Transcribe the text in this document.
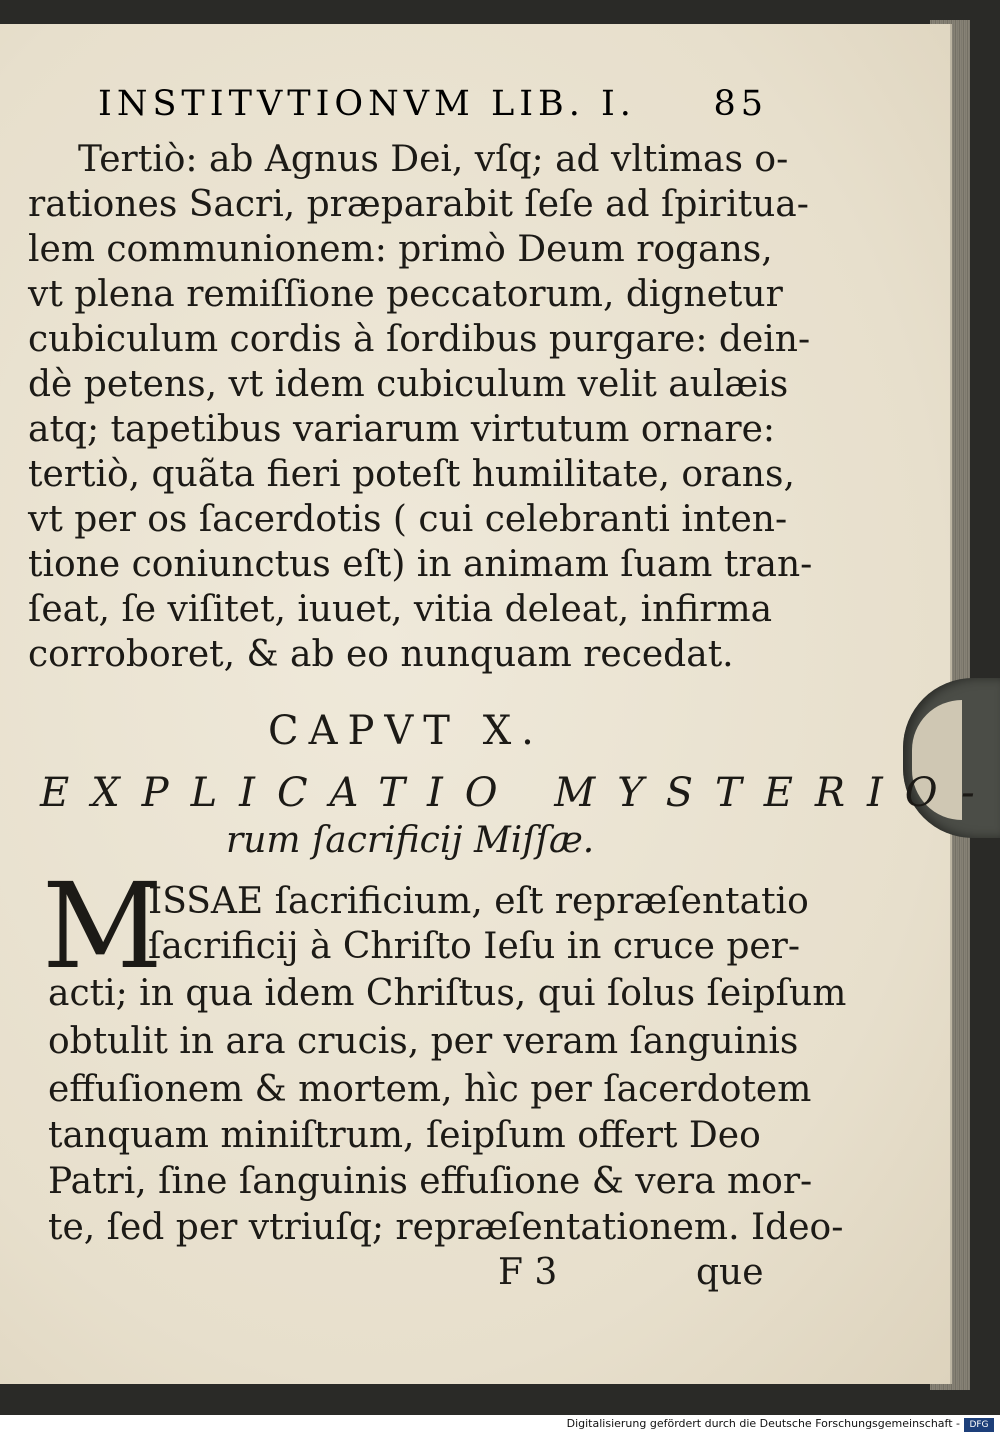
INSTITVTIONVM LIB. I. 85
Tertiò: ab Agnus Dei, vſq; ad vltimas o-
rationes Sacri, præparabit ſeſe ad ſpiritua-
lem communionem: primò Deum rogans,
vt plena remiſſione peccatorum, dignetur
cubiculum cordis à ſordibus purgare: dein-
dè petens, vt idem cubiculum velit aulæis
atq; tapetibus variarum virtutum ornare:
tertiò, quãta fieri poteſt humilitate, orans,
vt per os ſacerdotis ( cui celebranti inten-
tione coniunctus eſt) in animam ſuam tran-
ſeat, ſe viſitet, iuuet, vitia deleat, infirma
corroboret, & ab eo nunquam recedat.
CAPVT X.
EXPLICATIO MYSTERIO-
rum ſacrificij Miſſæ.
M
ISSAE ſacrificium, eſt repræſentatio
ſacrificij à Chriſto Ieſu in cruce per-
acti; in qua idem Chriſtus, qui ſolus ſeipſum
obtulit in ara crucis, per veram ſanguinis
effuſionem & mortem, hìc per ſacerdotem
tanquam miniſtrum, ſeipſum offert Deo
Patri, ſine ſanguinis effuſione & vera mor-
te, ſed per vtriuſq; repræſentationem. Ideo-
F 3	que
Digitalisierung gefördert durch die Deutsche Forschungsgemeinschaft -	DFG
